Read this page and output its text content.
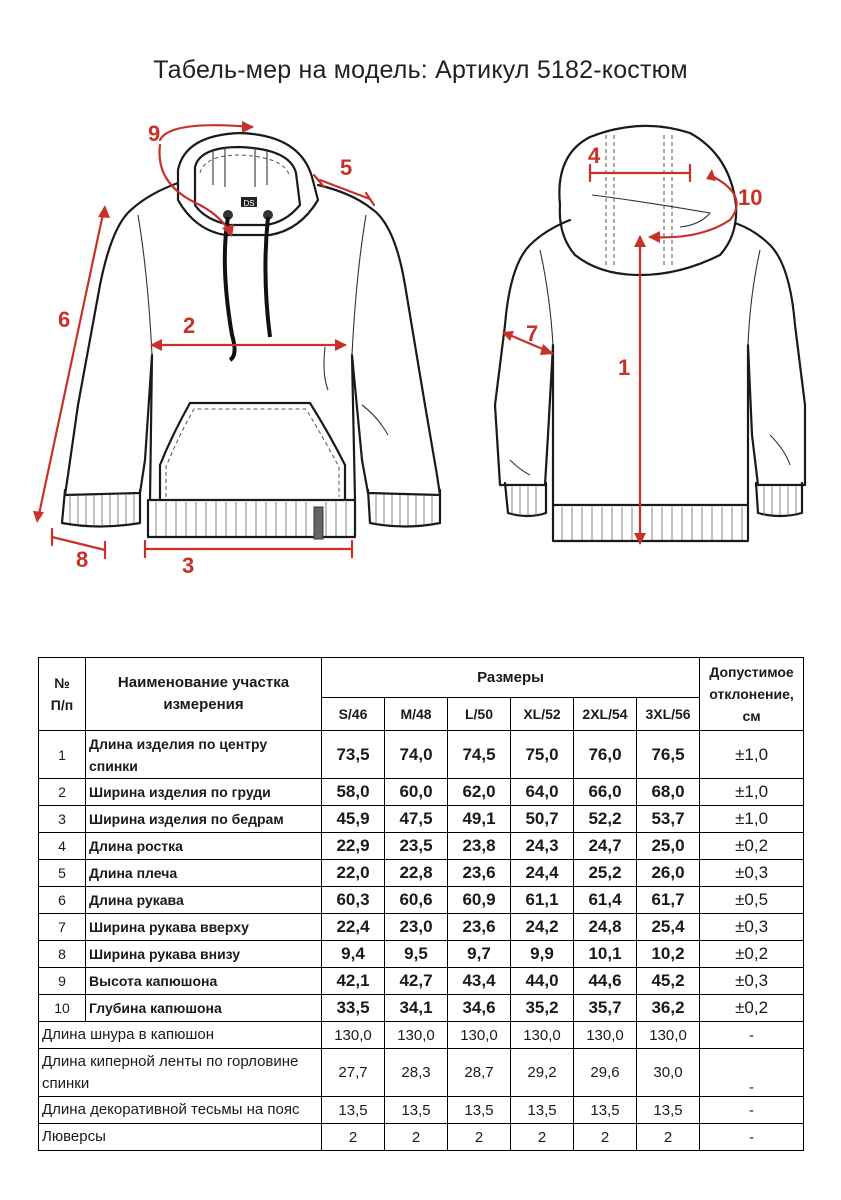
Табель-мер на модель: Артикул 5182-костюм
DS
1
2
3
4
5
6
7
8
9
10
№
П/п	Наименование участка измерения	Размеры						Допустимое отклонение, см
		S/46	M/48	L/50	XL/52	2XL/54	3XL/56	
1	Длина изделия по центру спинки	73,5	74,0	74,5	75,0	76,0	76,5	±1,0
2	Ширина изделия по груди	58,0	60,0	62,0	64,0	66,0	68,0	±1,0
3	Ширина изделия по бедрам	45,9	47,5	49,1	50,7	52,2	53,7	±1,0
4	Длина ростка	22,9	23,5	23,8	24,3	24,7	25,0	±0,2
5	Длина плеча	22,0	22,8	23,6	24,4	25,2	26,0	±0,3
6	Длина рукава	60,3	60,6	60,9	61,1	61,4	61,7	±0,5
7	Ширина рукава вверху	22,4	23,0	23,6	24,2	24,8	25,4	±0,3
8	Ширина рукава внизу	9,4	9,5	9,7	9,9	10,1	10,2	±0,2
9	Высота капюшона	42,1	42,7	43,4	44,0	44,6	45,2	±0,3
10	Глубина капюшона	33,5	34,1	34,6	35,2	35,7	36,2	±0,2
Длина шнура в капюшон		130,0	130,0	130,0	130,0	130,0	130,0	-
Длина киперной ленты по горловине спинки		27,7	28,3	28,7	29,2	29,6	30,0	-
Длина декоративной тесьмы на пояс		13,5	13,5	13,5	13,5	13,5	13,5	-
Люверсы		2	2	2	2	2	2	-
